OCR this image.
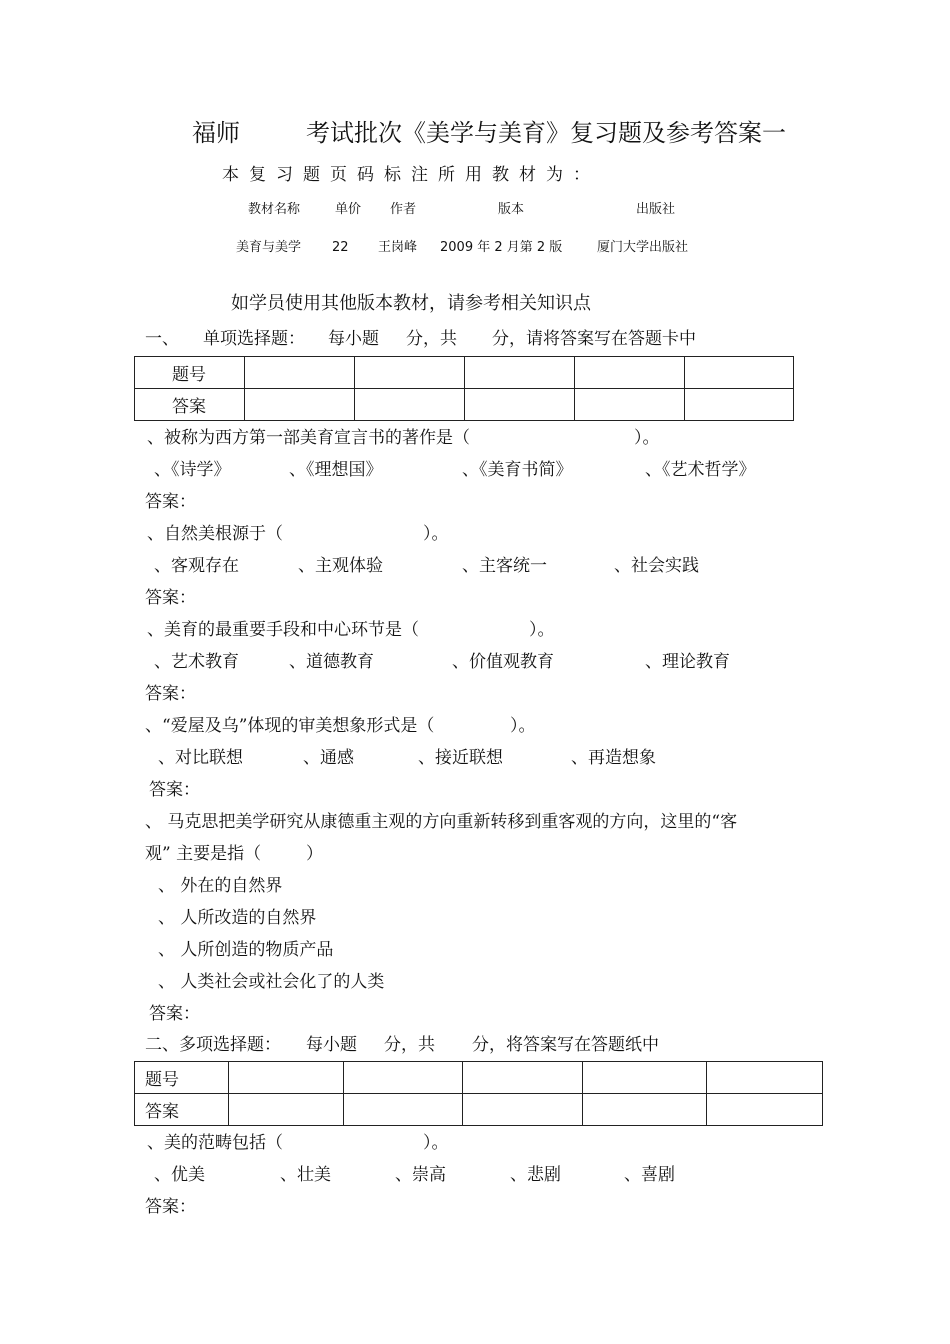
福师	考试批次《美学与美育》复习题及参考答案一
本复习题页码标注所用教材为：
教材名称	单价 作者	版本	出版社
美育与美学 22 王岗峰 2009 年 2 月第 2 版	厦门大学出版社
如学员使用其他版本教材，请参考相关知识点
一、 单项选择题： 每小题 分，共 分，请将答案写在答题卡中
题号					
答案					
、被称为西方第一部美育宣言书的著作是（	）。
、《诗学》	、《理想国》	、《美育书简》	、《艺术哲学》
答案：
、自然美根源于（	）。
、客观存在	、主观体验	、主客统一	、社会实践
答案：
、美育的最重要手段和中心环节是（	）。
、艺术教育	、道德教育	、价值观教育	、理论教育
答案：
、“爱屋及乌”体现的审美想象形式是（	）。
、对比联想	、通感	、接近联想	、再造想象
答案：
、 马克思把美学研究从康德重主观的方向重新转移到重客观的方向，这里的“客
观” 主要是指（	）
、 外在的自然界
、 人所改造的自然界
、 人所创造的物质产品
、 人类社会或社会化了的人类
答案：
二、多项选择题： 每小题 分，共 分，将答案写在答题纸中
题号					
答案					
、美的范畴包括（	）。
、优美	、壮美	、崇高	、悲剧	、喜剧
答案：
